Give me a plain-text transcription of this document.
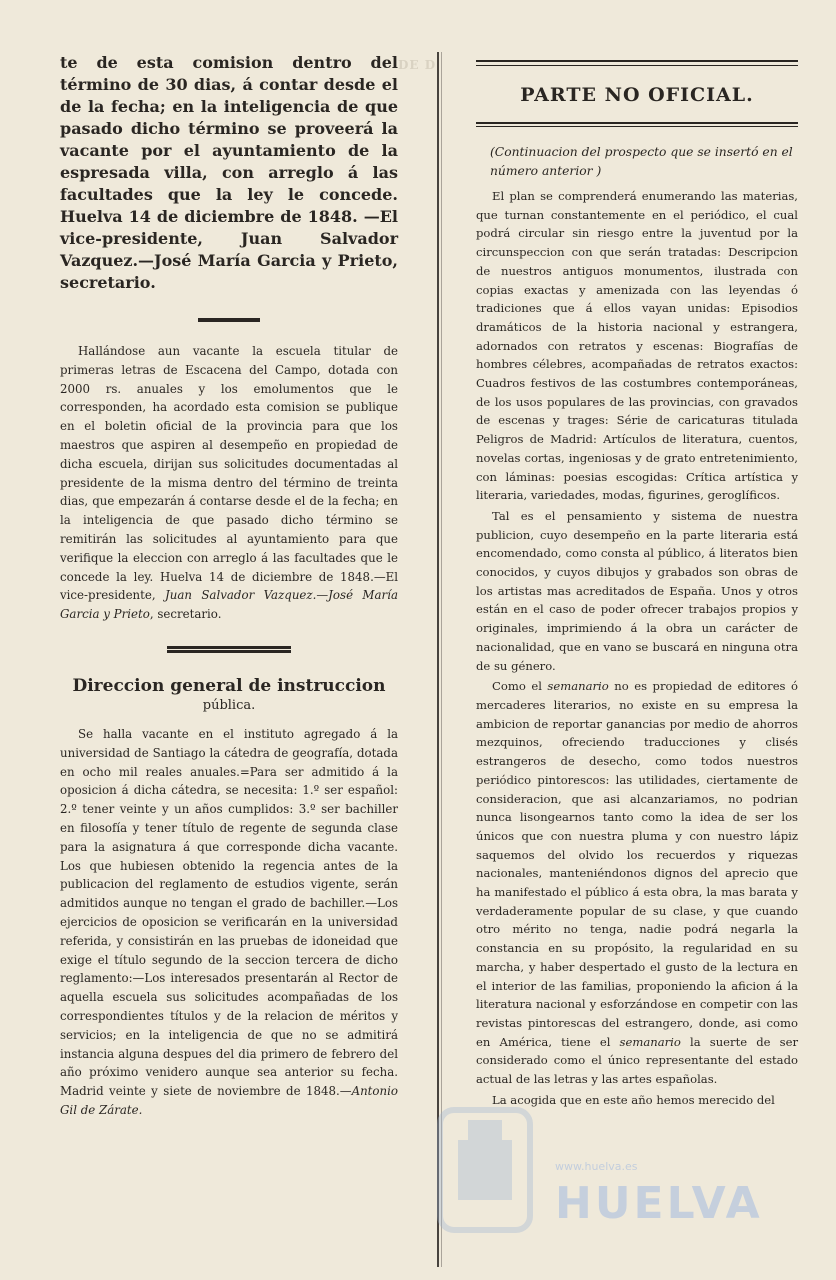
DE D

te de esta comision dentro del término de 30 dias, á contar desde el de la fecha; en la inteligencia de que pasado dicho término se proveerá la vacante por el ayuntamiento de la espresada villa, con arreglo á las facultades que la ley le concede. Huelva 14 de diciembre de 1848. —El vice-presidente, Juan Salvador Vazquez.—José María Garcia y Prieto, secretario.

Hallándose aun vacante la escuela titular de primeras letras de Escacena del Campo, dotada con 2000 rs. anuales y los emolumentos que le corresponden, ha acordado esta comision se publique en el boletin oficial de la provincia para que los maestros que aspiren al desempeño en propiedad de dicha escuela, dirijan sus solicitudes documentadas al presidente de la misma dentro del término de treinta dias, que empezarán á contarse desde el de la fecha; en la inteligencia de que pasado dicho término se remitirán las solicitudes al ayuntamiento para que verifique la eleccion con arreglo á las facultades que le concede la ley. Huelva 14 de diciembre de 1848.—El vice-presidente, Juan Salvador Vazquez.—José María Garcia y Prieto, secretario.

Direccion general de instruccion

pública.

Se halla vacante en el instituto agregado á la universidad de Santiago la cátedra de geografía, dotada en ocho mil reales anuales.=Para ser admitido á la oposicion á dicha cátedra, se necesita: 1.º ser español: 2.º tener veinte y un años cumplidos: 3.º ser bachiller en filosofía y tener título de regente de segunda clase para la asignatura á que corresponde dicha vacante. Los que hubiesen obtenido la regencia antes de la publicacion del reglamento de estudios vigente, serán admitidos aunque no tengan el grado de bachiller.—Los ejercicios de oposicion se verificarán en la universidad referida, y consistirán en las pruebas de idoneidad que exige el título segundo de la seccion tercera de dicho reglamento:—Los interesados presentarán al Rector de aquella escuela sus solicitudes acompañadas de los correspondientes títulos y de la relacion de méritos y servicios; en la inteligencia de que no se admitirá instancia alguna despues del dia primero de febrero del año próximo venidero aunque sea anterior su fecha. Madrid veinte y siete de noviembre de 1848.—Antonio Gil de Zárate.

PARTE NO OFICIAL.

(Continuacion del prospecto que se insertó en el número anterior )

El plan se comprenderá enumerando las materias, que turnan constantemente en el periódico, el cual podrá circular sin riesgo entre la juventud por la circunspeccion con que serán tratadas: Descripcion de nuestros antiguos monumentos, ilustrada con copias exactas y amenizada con las leyendas ó tradiciones que á ellos vayan unidas: Episodios dramáticos de la historia nacional y estrangera, adornados con retratos y escenas: Biografías de hombres célebres, acompañadas de retratos exactos: Cuadros festivos de las costumbres contemporáneas, de los usos populares de las provincias, con gravados de escenas y trages: Série de caricaturas titulada Peligros de Madrid: Artículos de literatura, cuentos, novelas cortas, ingeniosas y de grato entretenimiento, con láminas: poesias escogidas: Crítica artística y literaria, variedades, modas, figurines, geroglíficos.

Tal es el pensamiento y sistema de nuestra publicion, cuyo desempeño en la parte literaria está encomendado, como consta al público, á literatos bien conocidos, y cuyos dibujos y grabados son obras de los artistas mas acreditados de España. Unos y otros están en el caso de poder ofrecer trabajos propios y originales, imprimiendo á la obra un carácter de nacionalidad, que en vano se buscará en ninguna otra de su género.

Como el semanario no es propiedad de editores ó mercaderes literarios, no existe en su empresa la ambicion de reportar ganancias por medio de ahorros mezquinos, ofreciendo traducciones y clisés estrangeros de desecho, como todos nuestros periódico pintorescos: las utilidades, ciertamente de consideracion, que asi alcanzariamos, no podrian nunca lisongearnos tanto como la idea de ser los únicos que con nuestra pluma y con nuestro lápiz saquemos del olvido los recuerdos y riquezas nacionales, manteniéndonos dignos del aprecio que ha manifestado el público á esta obra, la mas barata y verdaderamente popular de su clase, y que cuando otro mérito no tenga, nadie podrá negarla la constancia en su propósito, la regularidad en su marcha, y haber despertado el gusto de la lectura en el interior de las familias, proponiendo la aficion á la literatura nacional y esforzándose en competir con las revistas pintorescas del estrangero, donde, asi como en América, tiene el semanario la suerte de ser considerado como el único representante del estado actual de las letras y las artes españolas.

La acogida que en este año hemos merecido del

www.huelva.es
HUELVA
